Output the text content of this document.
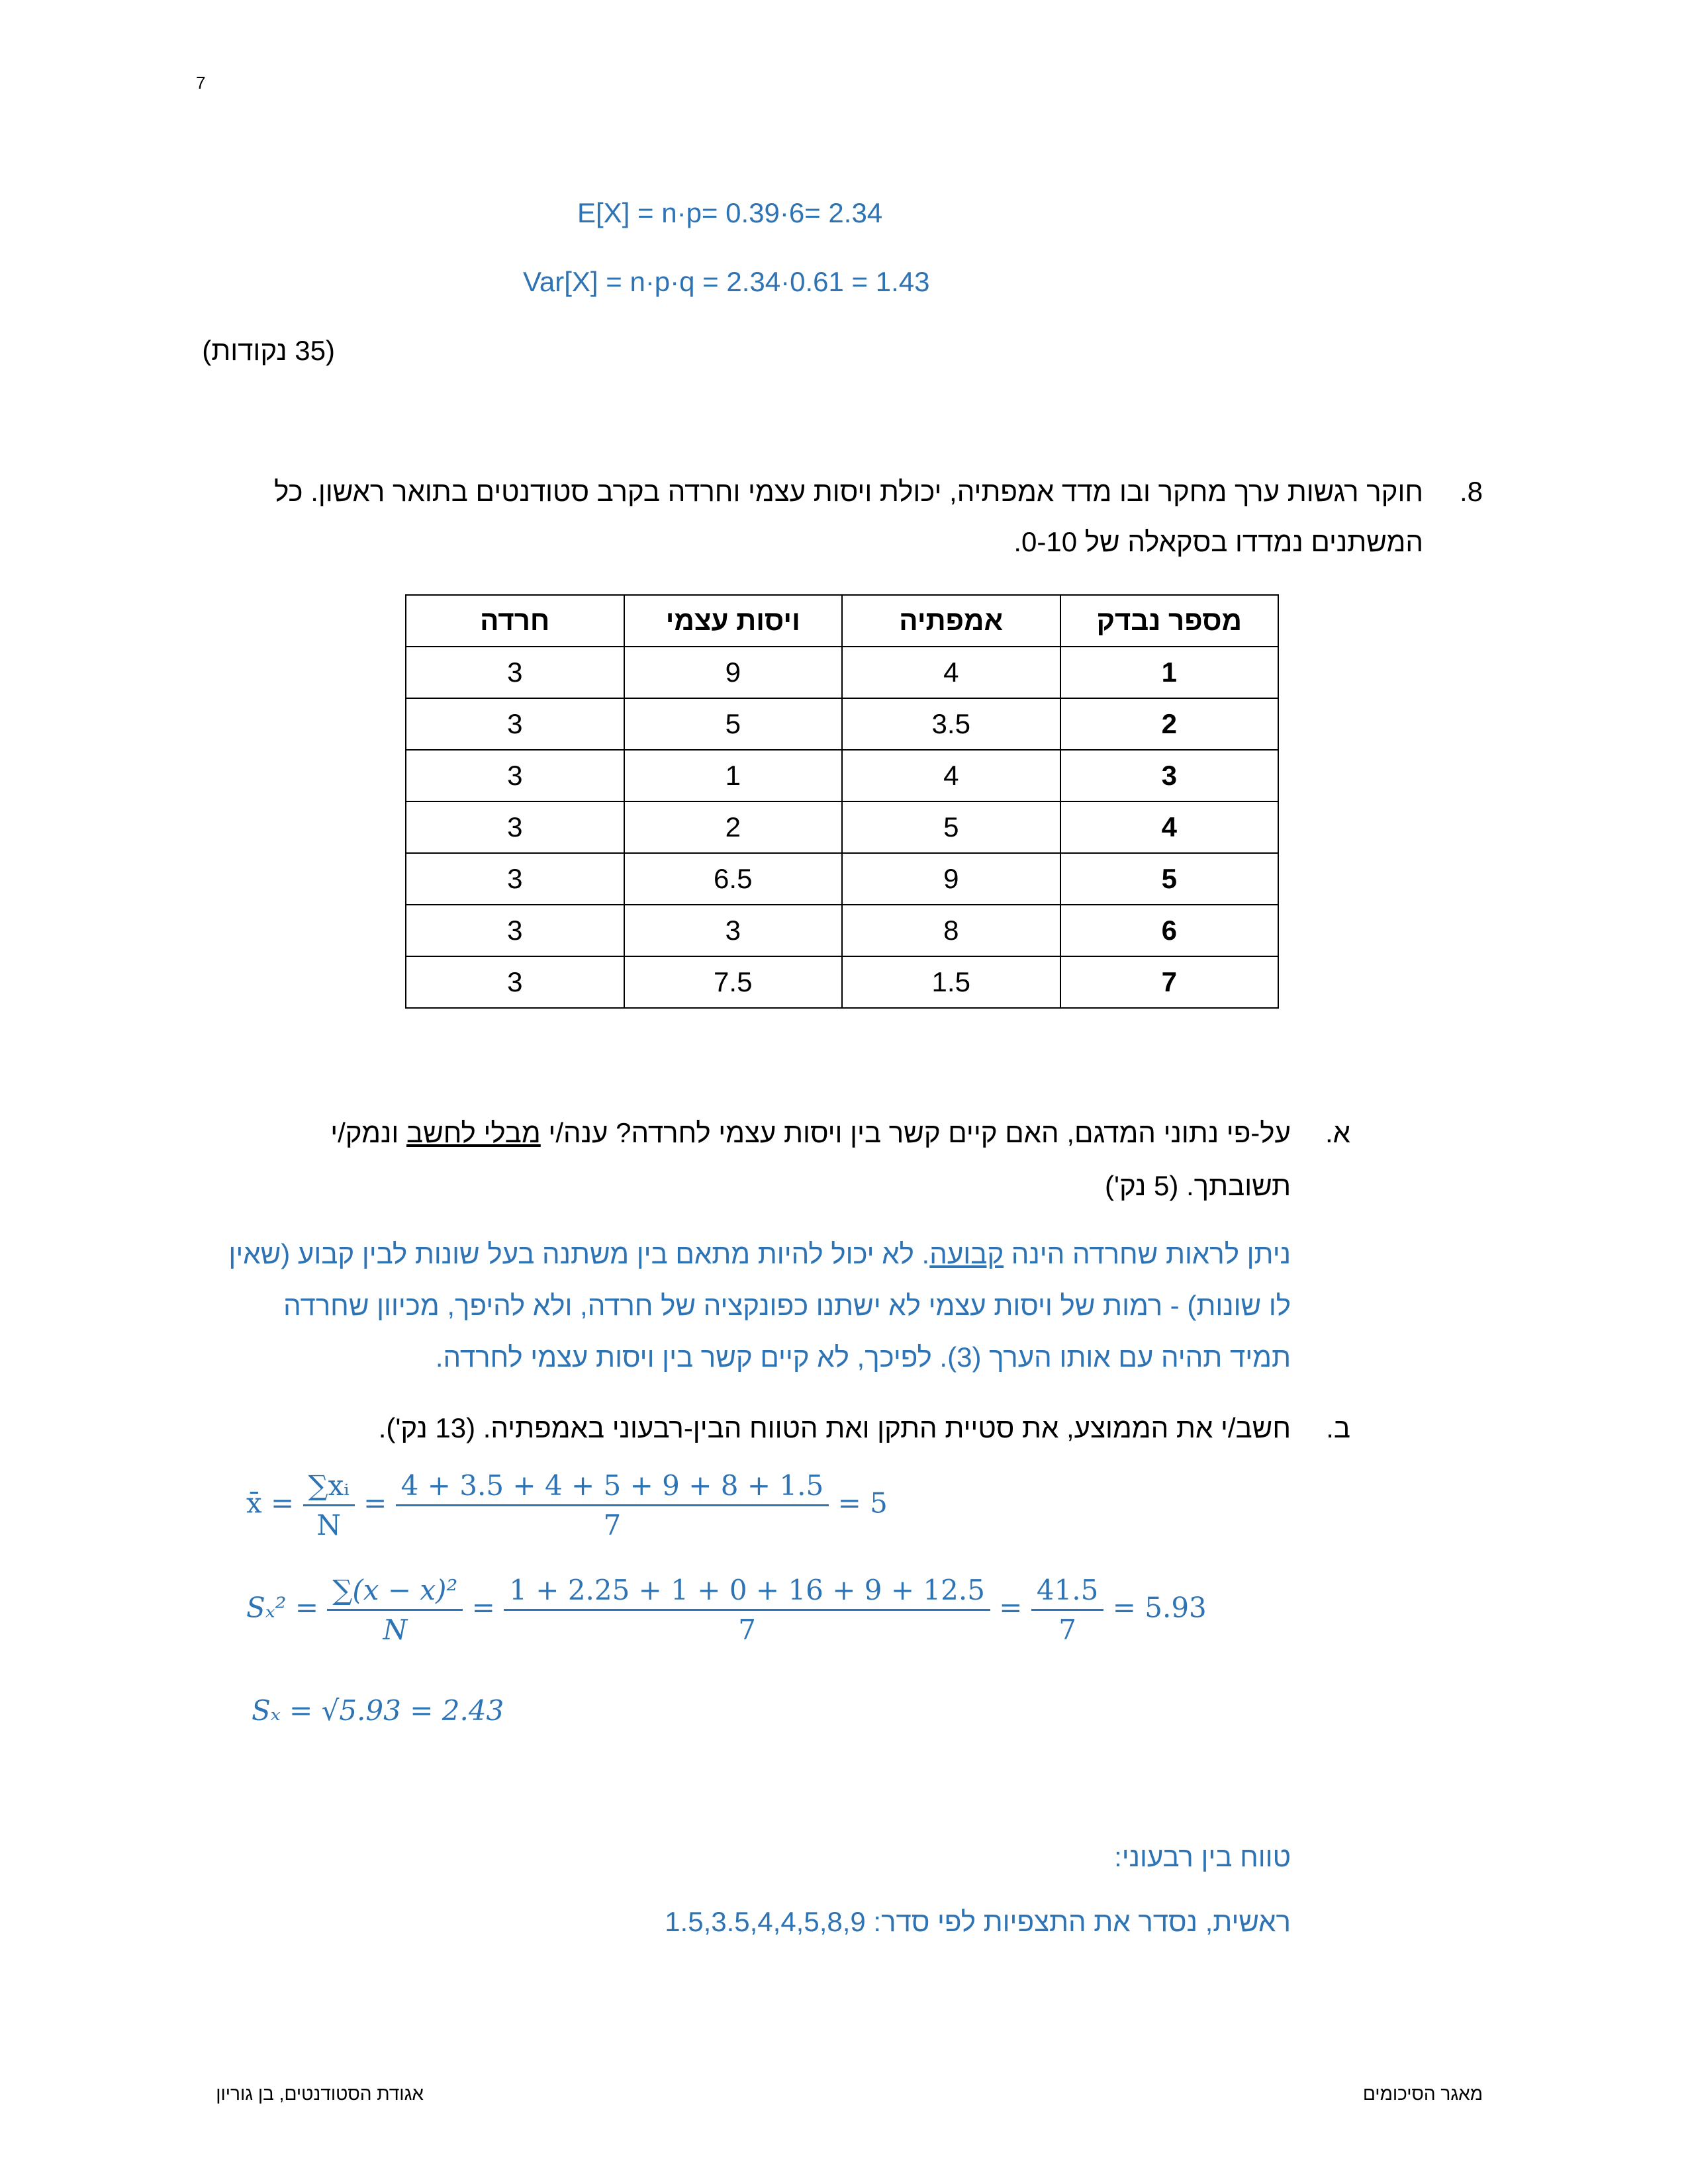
7
E[X] = n·p= 0.39·6= 2.34
Var[X] = n·p·q = 2.34·0.61 = 1.43
(35 נקודות)
8.
חוקר רגשות ערך מחקר ובו מדד אמפתיה, יכולת ויסות עצמי וחרדה בקרב סטודנטים בתואר ראשון. כל
המשתנים נמדדו בסקאלה של 0-10.
מספר נבדק	אמפתיה	ויסות עצמי	חרדה
1	4	9	3
2	3.5	5	3
3	4	1	3
4	5	2	3
5	9	6.5	3
6	8	3	3
7	1.5	7.5	3
א.
על-פי נתוני המדגם, האם קיים קשר בין ויסות עצמי לחרדה? ענה/י מבלי לחשב ונמק/י
תשובתך. (5 נק')
ניתן לראות שחרדה הינה קבועה. לא יכול להיות מתאם בין משתנה בעל שונות לבין קבוע (שאין
לו שונות) - רמות של ויסות עצמי לא ישתנו כפונקציה של חרדה, ולא להיפך, מכיוון שחרדה
תמיד תהיה עם אותו הערך (3). לפיכך, לא קיים קשר בין ויסות עצמי לחרדה.
ב.
חשב/י את הממוצע, את סטיית התקן ואת הטווח הבין-רבעוני באמפתיה. (13 נק').
x̄ = $\frac{\text{∑xᵢ}}{N} = \frac{4 + 3.5 + 4 + 5 + 9 + 8 + 1.5}{7} = 5$
$S_x^2 = \frac{\text{∑(x − x)²}}{N} = \frac{1 + 2.25 + 1 + 0 + 16 + 9 + 12.5}{7} = \frac{41.5}{7} = 5.93$
Sₓ = √5.93 = 2.43
טווח בין רבעוני:
ראשית, נסדר את התצפיות לפי סדר: 1.5,3.5,4,4,5,8,9
אגודת הסטודנטים, בן גוריון	מאגר הסיכומים
